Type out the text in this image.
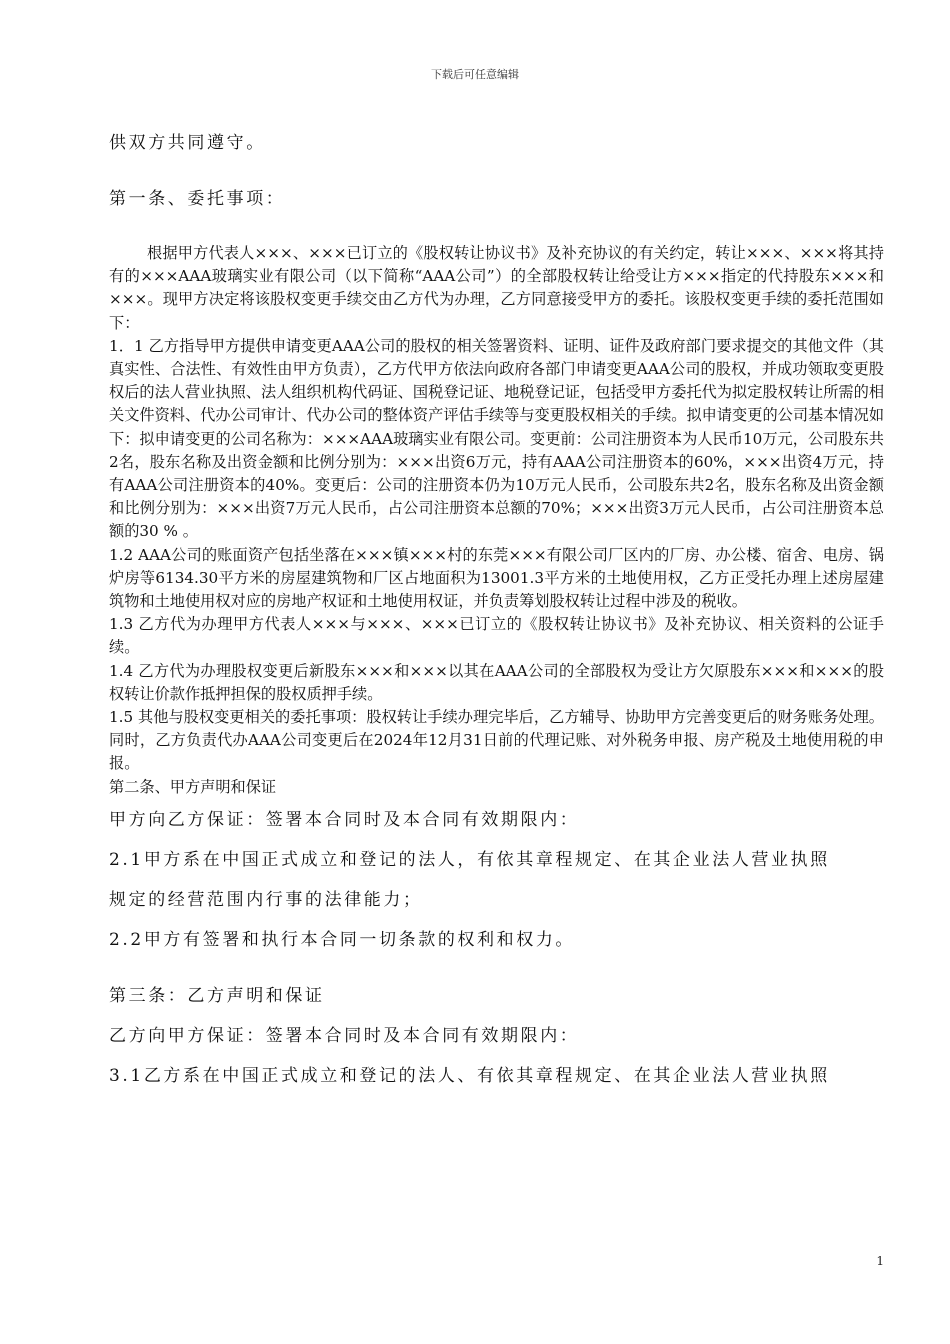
下载后可任意编辑

供双方共同遵守。

第一条、委托事项：

根据甲方代表人×××、×××已订立的《股权转让协议书》及补充协议的有关约定，转让×××、×××将其持有的×××AAA玻璃实业有限公司（以下简称“AAA公司”）的全部股权转让给受让方×××指定的代持股东×××和×××。现甲方决定将该股权变更手续交由乙方代为办理，乙方同意接受甲方的委托。该股权变更手续的委托范围如下：

1．1 乙方指导甲方提供申请变更AAA公司的股权的相关签署资料、证明、证件及政府部门要求提交的其他文件（其真实性、合法性、有效性由甲方负责），乙方代甲方依法向政府各部门申请变更AAA公司的股权，并成功领取变更股权后的法人营业执照、法人组织机构代码证、国税登记证、地税登记证，包括受甲方委托代为拟定股权转让所需的相关文件资料、代办公司审计、代办公司的整体资产评估手续等与变更股权相关的手续。拟申请变更的公司基本情况如下：拟申请变更的公司名称为：×××AAA玻璃实业有限公司。变更前：公司注册资本为人民币10万元，公司股东共2名，股东名称及出资金额和比例分别为：×××出资6万元，持有AAA公司注册资本的60%，×××出资4万元，持有AAA公司注册资本的40%。变更后：公司的注册资本仍为10万元人民币，公司股东共2名，股东名称及出资金额和比例分别为：×××出资7万元人民币，占公司注册资本总额的70%；×××出资3万元人民币，占公司注册资本总额的30 % 。

1.2 AAA公司的账面资产包括坐落在×××镇×××村的东莞×××有限公司厂区内的厂房、办公楼、宿舍、电房、锅炉房等6134.30平方米的房屋建筑物和厂区占地面积为13001.3平方米的土地使用权，乙方正受托办理上述房屋建筑物和土地使用权对应的房地产权证和土地使用权证，并负责筹划股权转让过程中涉及的税收。

1.3 乙方代为办理甲方代表人×××与×××、×××已订立的《股权转让协议书》及补充协议、相关资料的公证手续。

1.4 乙方代为办理股权变更后新股东×××和×××以其在AAA公司的全部股权为受让方欠原股东×××和×××的股权转让价款作抵押担保的股权质押手续。

1.5 其他与股权变更相关的委托事项：股权转让手续办理完毕后，乙方辅导、协助甲方完善变更后的财务账务处理。同时，乙方负责代办AAA公司变更后在2024年12月31日前的代理记账、对外税务申报、房产税及土地使用税的申报。

第二条、甲方声明和保证

甲方向乙方保证：签署本合同时及本合同有效期限内：

2.1甲方系在中国正式成立和登记的法人，有依其章程规定、在其企业法人营业执照

规定的经营范围内行事的法律能力；

2.2甲方有签署和执行本合同一切条款的权利和权力。

第三条：乙方声明和保证

乙方向甲方保证：签署本合同时及本合同有效期限内：

3.1乙方系在中国正式成立和登记的法人、有依其章程规定、在其企业法人营业执照

1
